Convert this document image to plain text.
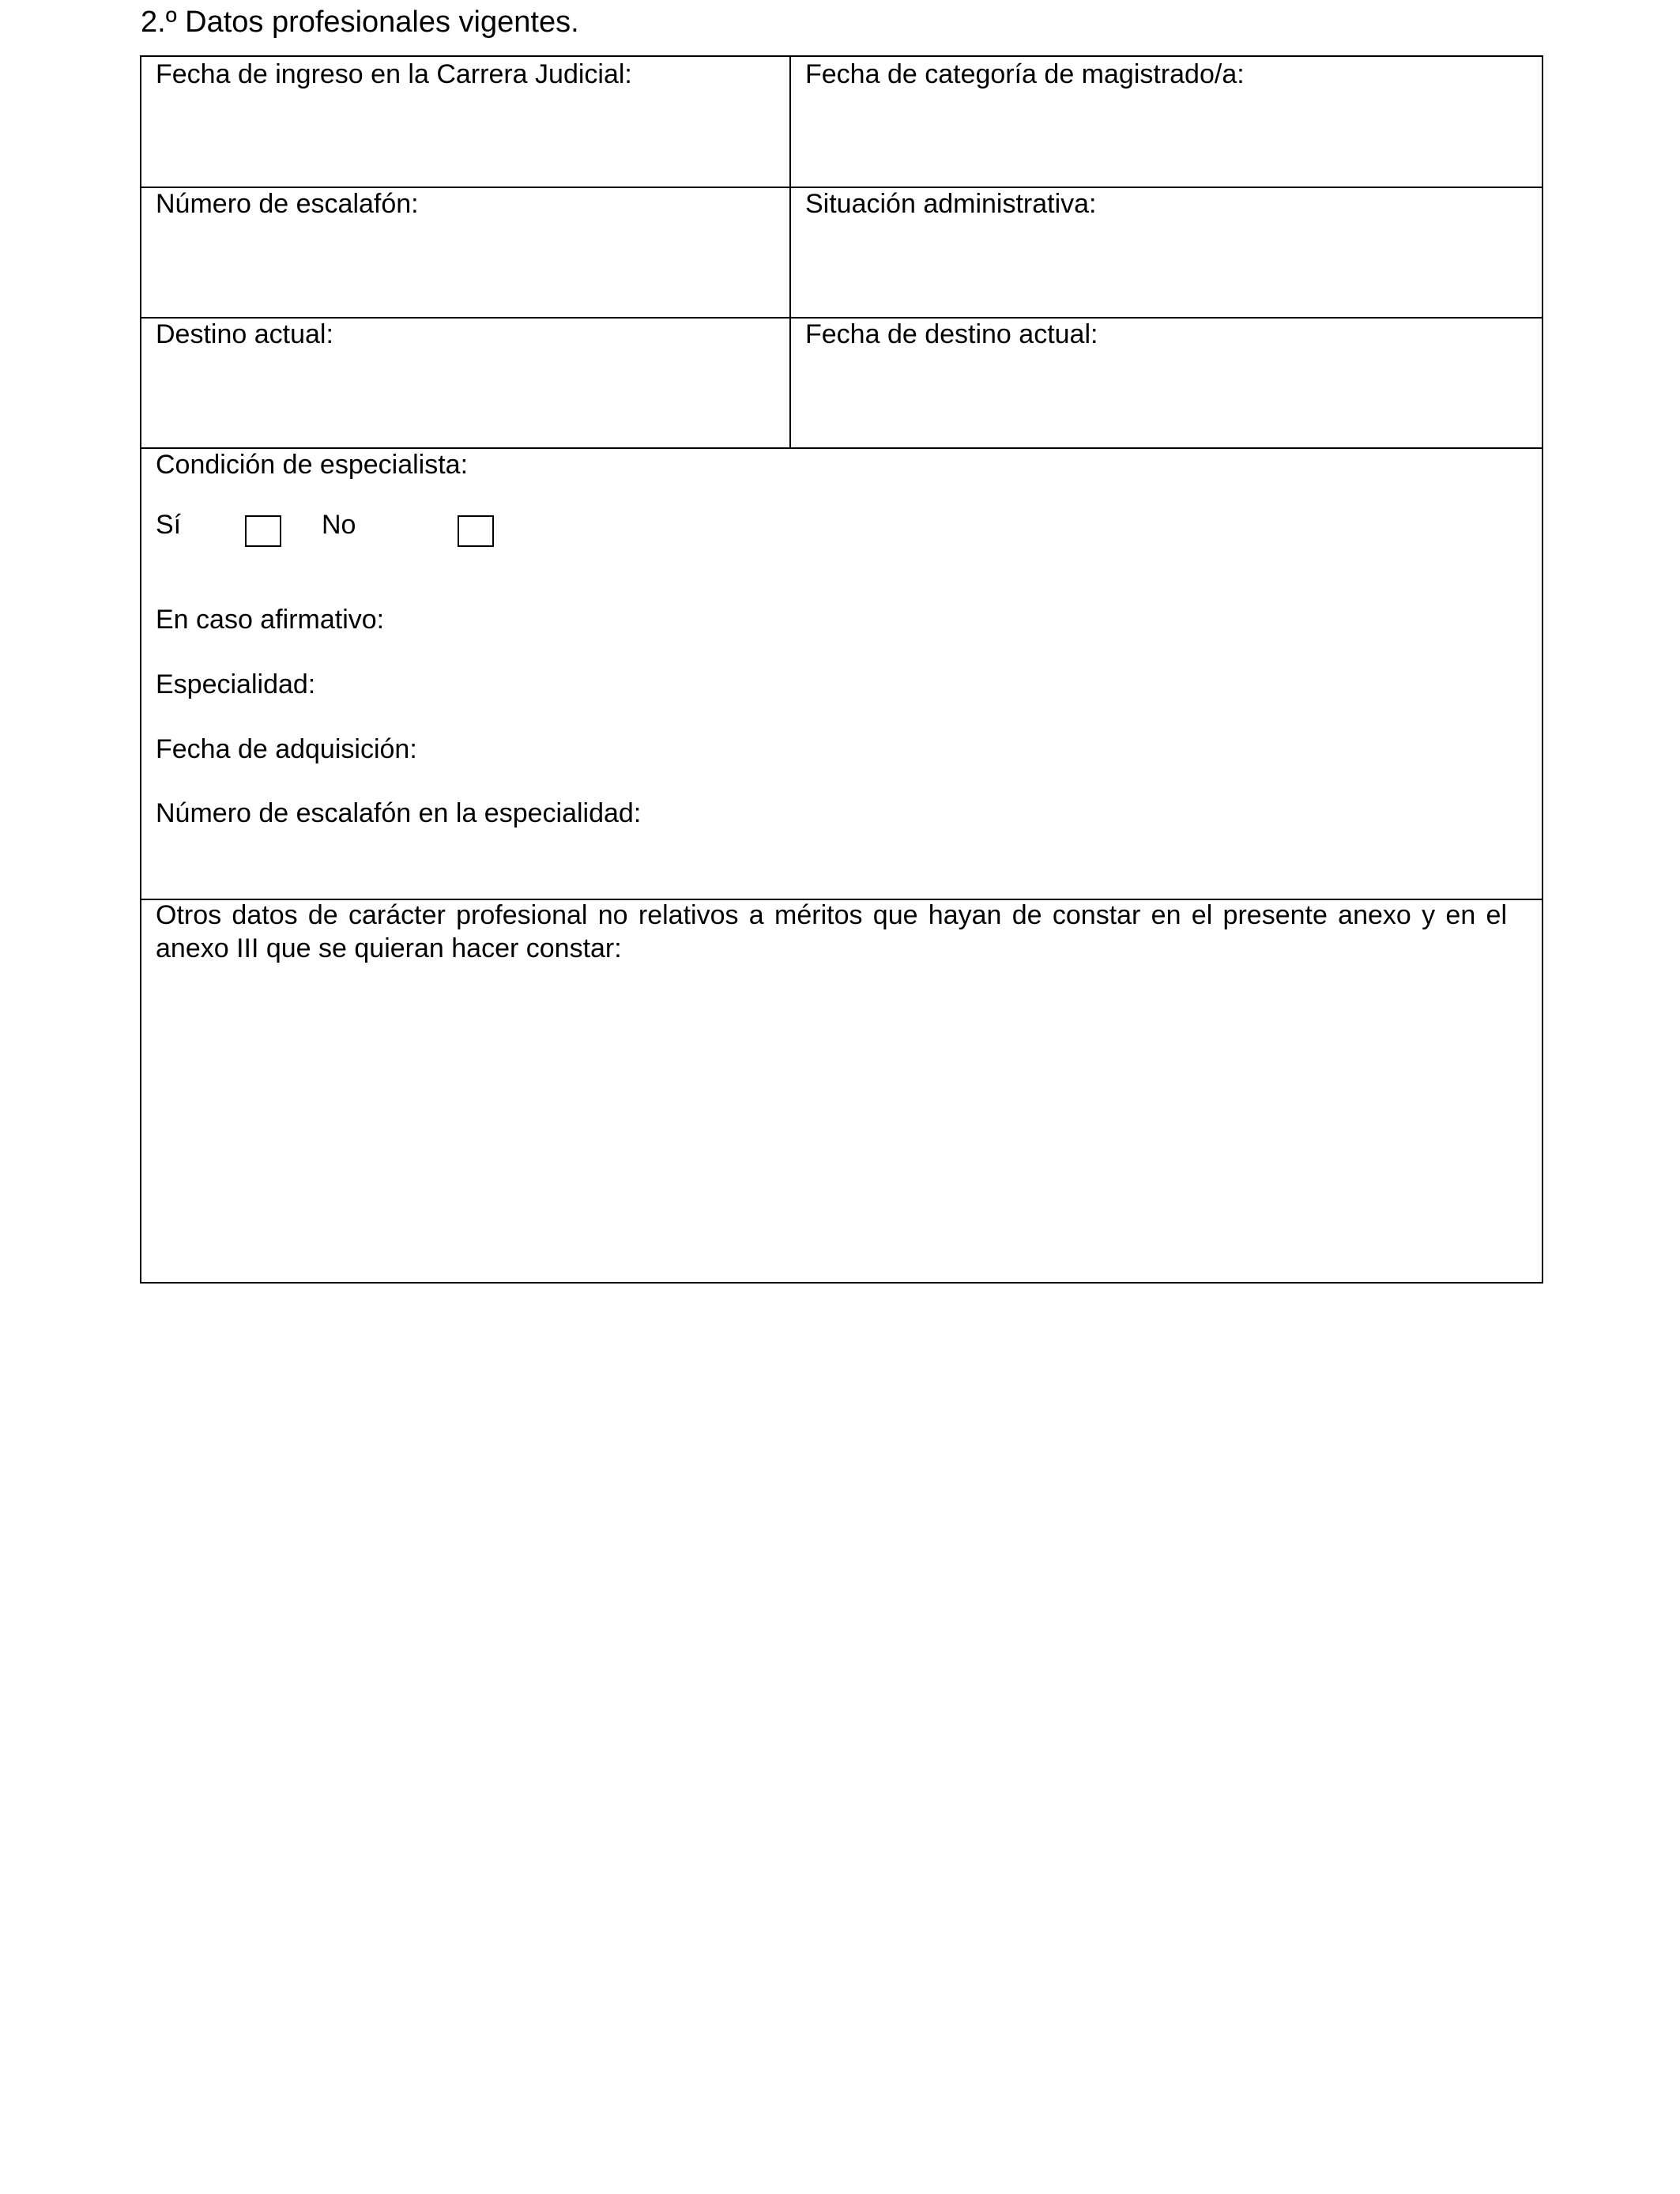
2.º Datos profesionales vigentes.
Fecha de ingreso en la Carrera Judicial:	Fecha de categoría de magistrado/a:
Número de escalafón:	Situación administrativa:
Destino actual:	Fecha de destino actual:
Condición de especialista:
Sí	No
En caso afirmativo:
Especialidad:
Fecha de adquisición:
Número de escalafón en la especialidad:
Otros datos de carácter profesional no relativos a méritos que hayan de constar en el presente anexo y en el anexo III que se quieran hacer constar:
